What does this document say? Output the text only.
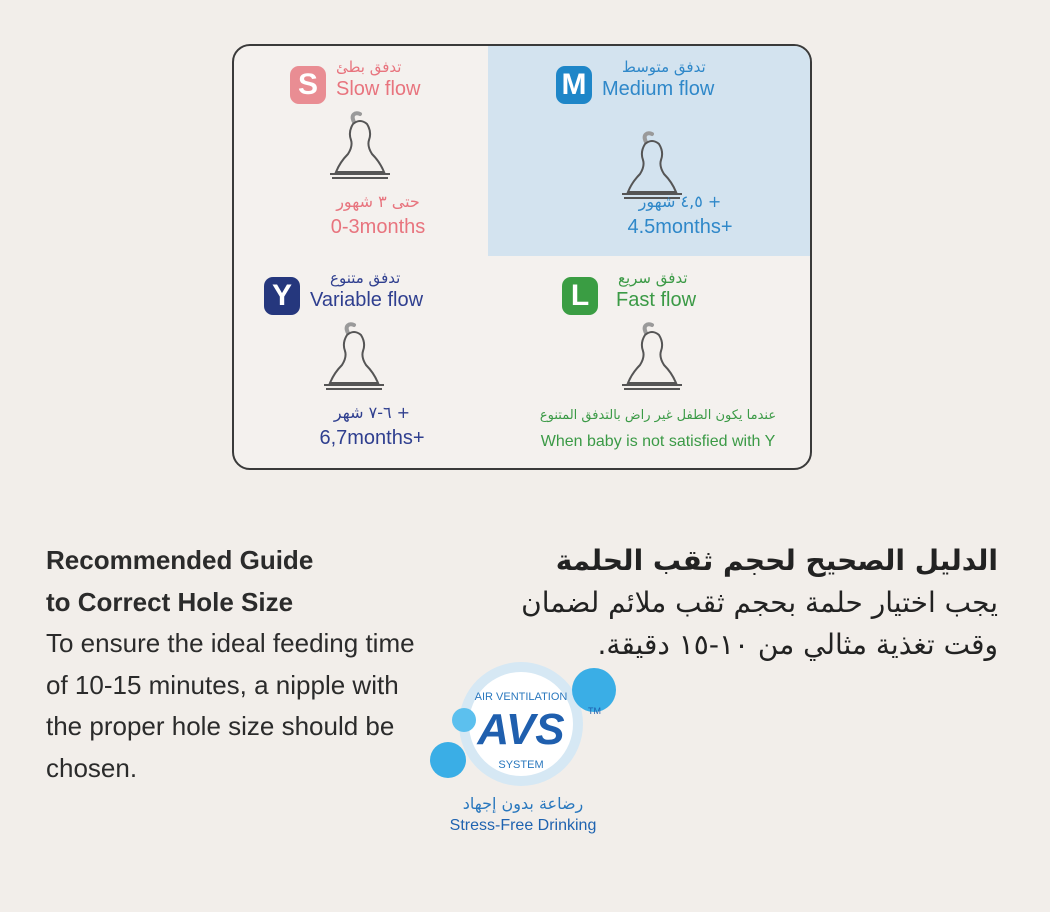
S
تدفق بطئ
Slow flow
حتى ٣ شهور
0-3months
M
تدفق متوسط
Medium flow
٤,٥ شهور +
4.5months+
Y
تدفق متنوع
Variable flow
٦-٧ شهر +
6,7months+
L
تدفق سريع
Fast flow
عندما يكون الطفل غير راض بالتدفق المتنوع
When baby is not satisfied with Y
Recommended Guide
to Correct Hole Size
To ensure the ideal feeding time of 10-15 minutes, a nipple with the proper hole size should be chosen.
الدليل الصحيح لحجم ثقب الحلمة
يجب اختيار حلمة بحجم ثقب ملائم لضمان وقت تغذية مثالي من ١٠-١٥ دقيقة.
AIR VENTILATION
AVS	TM
SYSTEM
رضاعة بدون إجهاد
Stress-Free Drinking
